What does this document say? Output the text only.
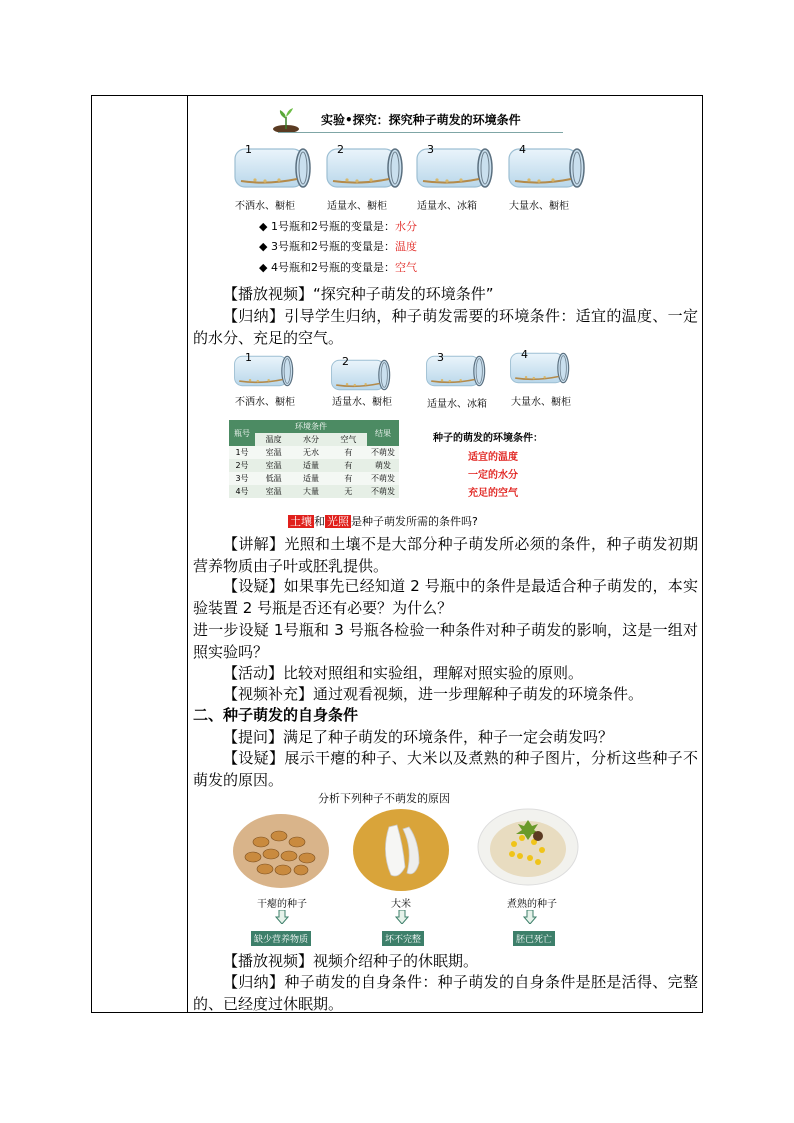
实验•探究：探究种子萌发的环境条件
1
不洒水、橱柜
2
适量水、橱柜
3
适量水、冰箱
4
大量水、橱柜
◆ 1号瓶和2号瓶的变量是：水分
◆ 3号瓶和2号瓶的变量是：温度
◆ 4号瓶和2号瓶的变量是：空气
【播放视频】“探究种子萌发的环境条件”
【归纳】引导学生归纳，种子萌发需要的环境条件：适宜的温度、一定的水分、充足的空气。
1
不洒水、橱柜
2
适量水、橱柜
3
适量水、冰箱
4
大量水、橱柜
瓶号	环境条件			结果
	温度	水分	空气	
1号	室温	无水	有	不萌发
2号	室温	适量	有	萌发
3号	低温	适量	有	不萌发
4号	室温	大量	无	不萌发
种子的萌发的环境条件：
适宜的温度
一定的水分
充足的空气
土壤 和 光照 是种子萌发所需的条件吗?
【讲解】光照和土壤不是大部分种子萌发所必须的条件，种子萌发初期营养物质由子叶或胚乳提供。
【设疑】如果事先已经知道 2 号瓶中的条件是最适合种子萌发的，本实验装置 2 号瓶是否还有必要？为什么？
进一步设疑 1号瓶和 3 号瓶各检验一种条件对种子萌发的影响，这是一组对照实验吗？
【活动】比较对照组和实验组，理解对照实验的原则。
【视频补充】通过观看视频，进一步理解种子萌发的环境条件。
二、种子萌发的自身条件
【提问】满足了种子萌发的环境条件，种子一定会萌发吗？
【设疑】展示干瘪的种子、大米以及煮熟的种子图片，分析这些种子不萌发的原因。
分析下列种子不萌发的原因
干瘪的种子	大米	煮熟的种子
缺少营养物质	坏不完整	胚已死亡
【播放视频】视频介绍种子的休眠期。
【归纳】种子萌发的自身条件：种子萌发的自身条件是胚是活得、完整的、已经度过休眠期。
